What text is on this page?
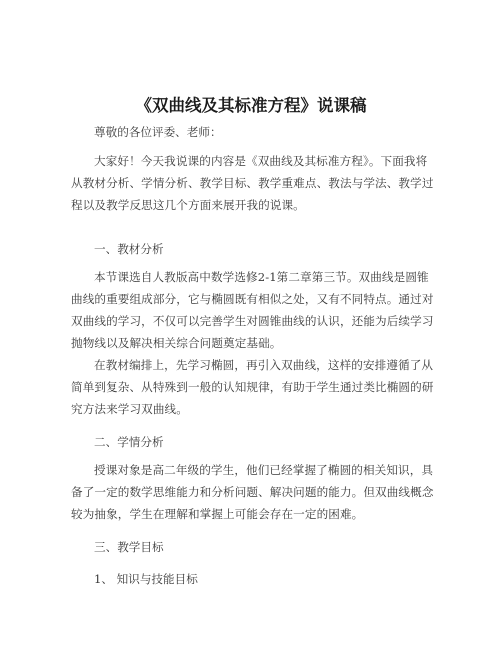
《双曲线及其标准方程》说课稿
尊敬的各位评委、老师：
大家好！今天我说课的内容是《双曲线及其标准方程》。下面我将从教材分析、学情分析、教学目标、教学重难点、教法与学法、教学过程以及教学反思这几个方面来展开我的说课。
一、教材分析
本节课选自人教版高中数学选修2-1第二章第三节。双曲线是圆锥曲线的重要组成部分，它与椭圆既有相似之处，又有不同特点。通过对双曲线的学习，不仅可以完善学生对圆锥曲线的认识，还能为后续学习抛物线以及解决相关综合问题奠定基础。
在教材编排上，先学习椭圆，再引入双曲线，这样的安排遵循了从简单到复杂、从特殊到一般的认知规律，有助于学生通过类比椭圆的研究方法来学习双曲线。
二、学情分析
授课对象是高二年级的学生，他们已经掌握了椭圆的相关知识，具备了一定的数学思维能力和分析问题、解决问题的能力。但双曲线概念较为抽象，学生在理解和掌握上可能会存在一定的困难。
三、教学目标
1、 知识与技能目标
